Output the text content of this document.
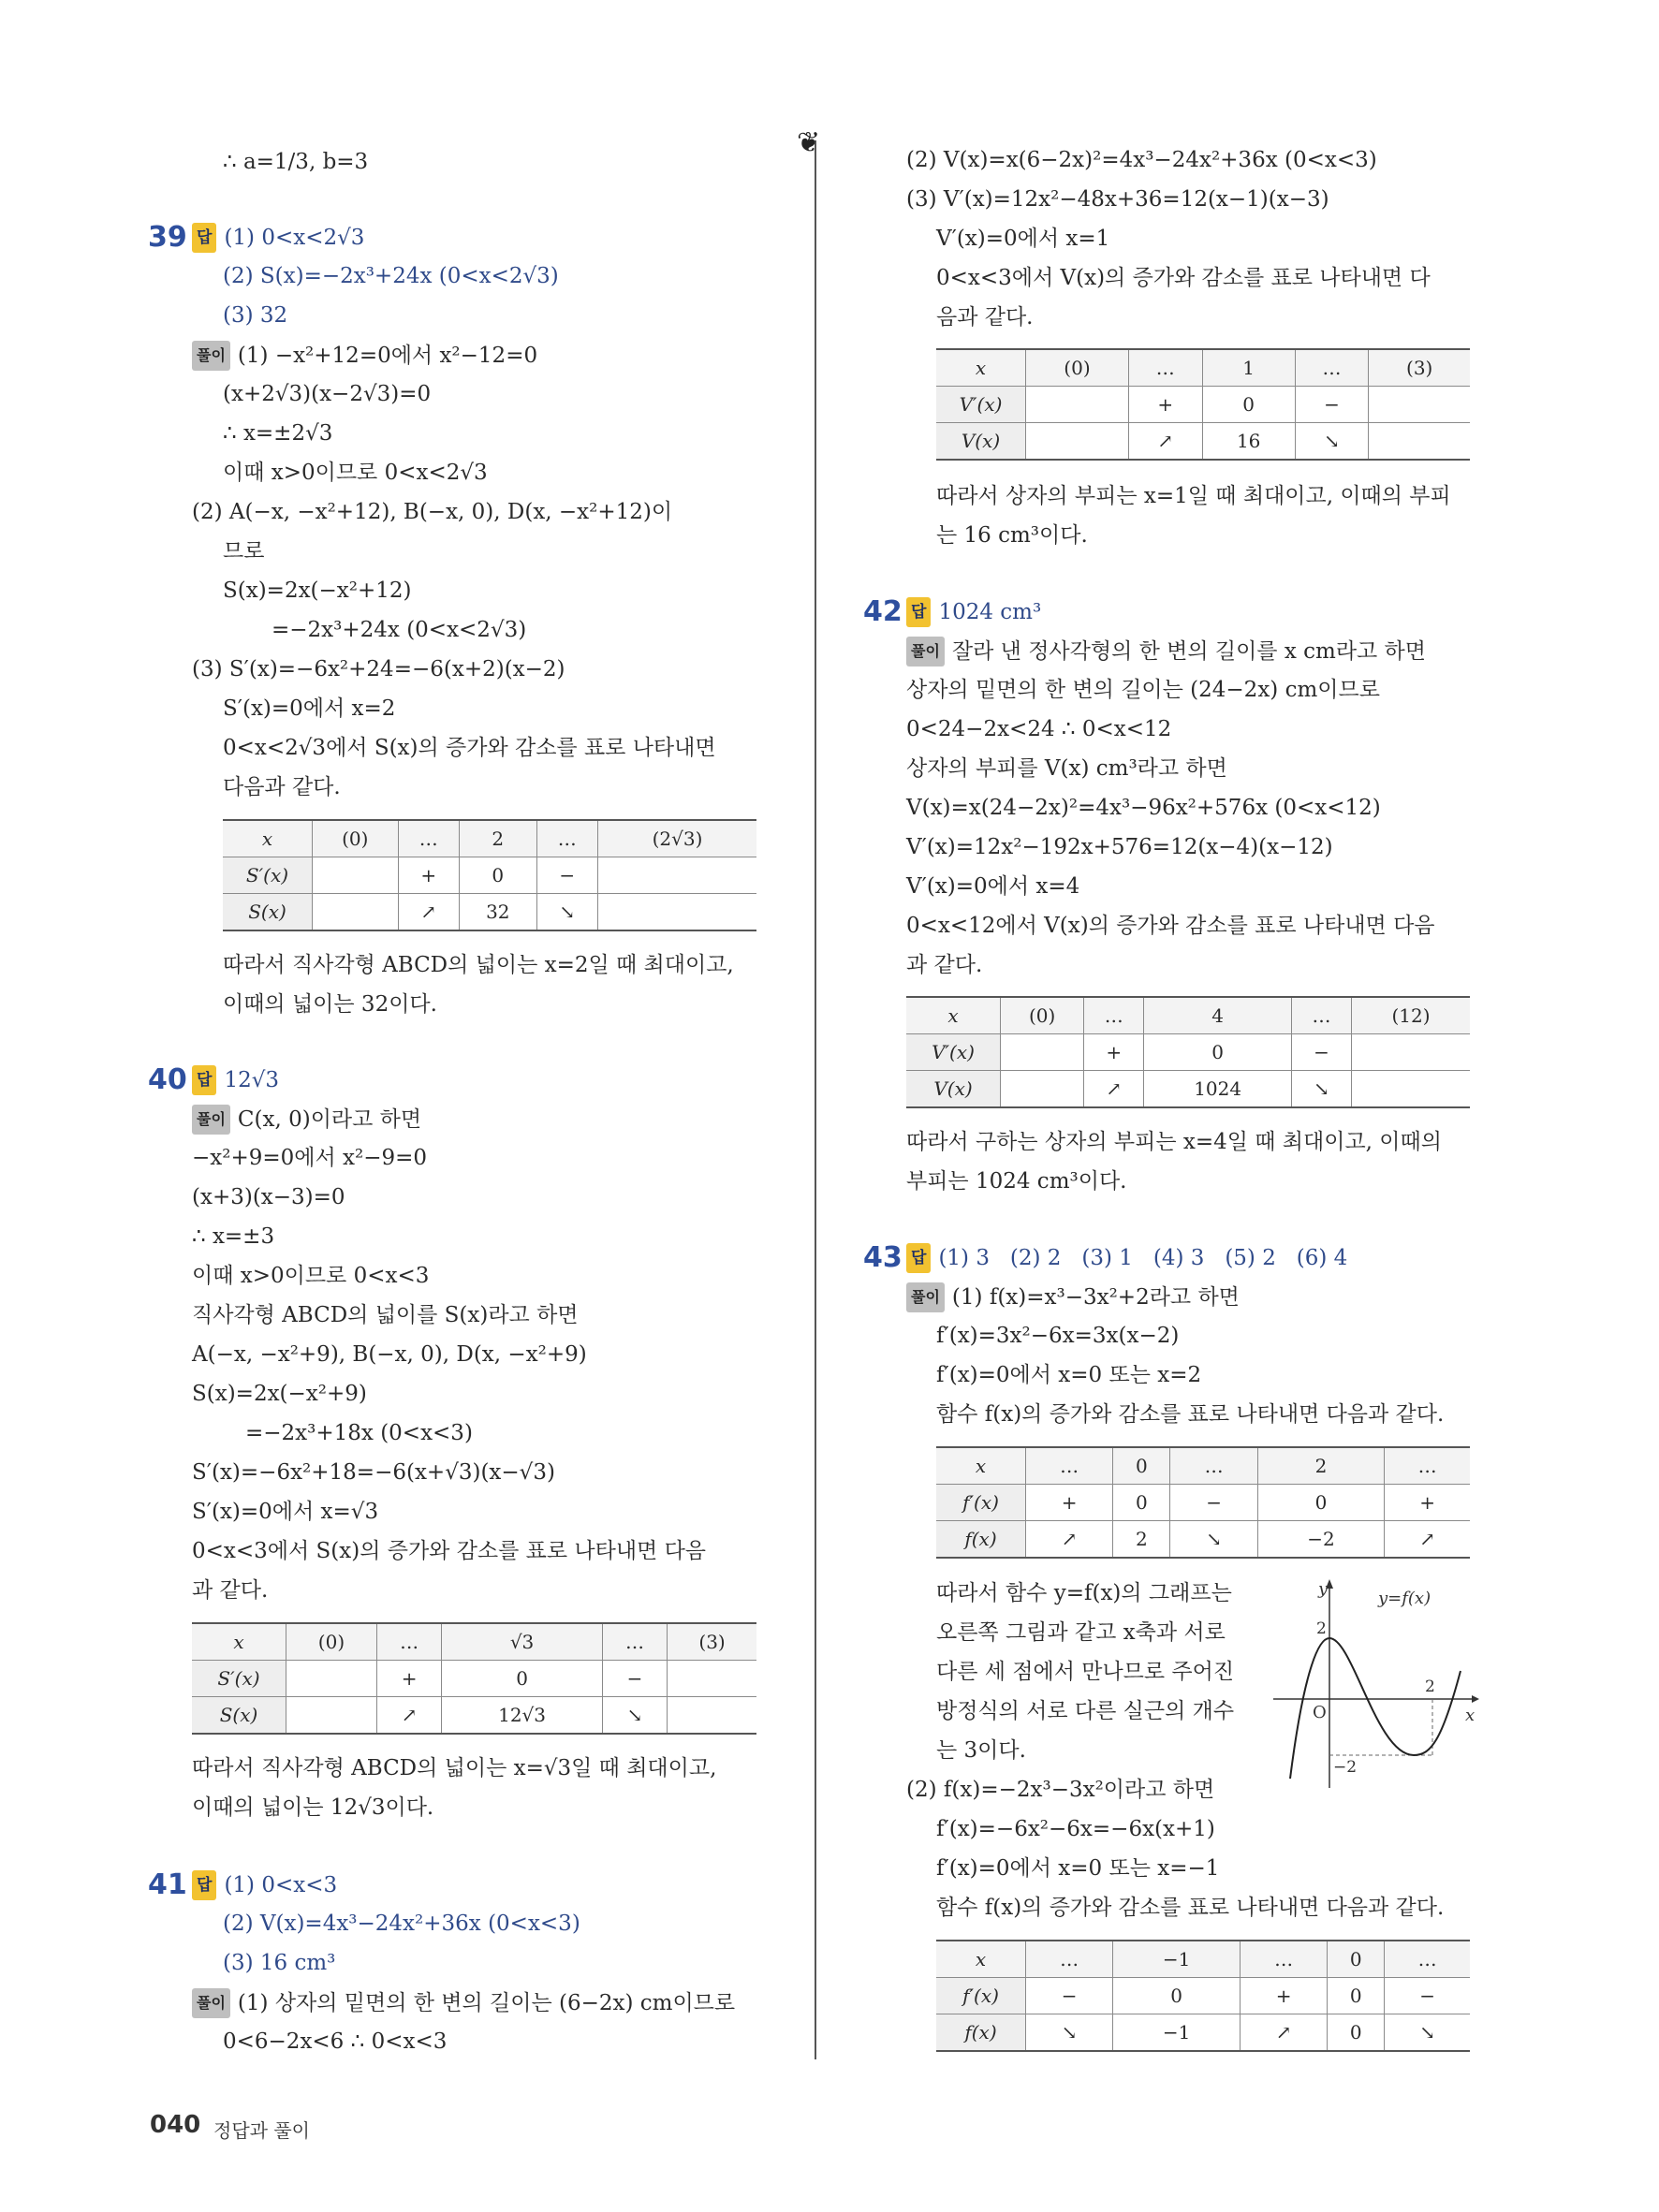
❦
∴ a=1/3, b=3
39 답 (1) 0<x<2√3
(2) S(x)=−2x³+24x (0<x<2√3)
(3) 32
풀이 (1) −x²+12=0에서 x²−12=0
(x+2√3)(x−2√3)=0
∴ x=±2√3
이때 x>0이므로 0<x<2√3
(2) A(−x, −x²+12), B(−x, 0), D(x, −x²+12)이
므로
S(x)=2x(−x²+12)
=−2x³+24x (0<x<2√3)
(3) S′(x)=−6x²+24=−6(x+2)(x−2)
S′(x)=0에서 x=2
0<x<2√3에서 S(x)의 증가와 감소를 표로 나타내면
다음과 같다.
x	(0)	…	2	…	(2√3)
S′(x)		+	0	−	
S(x)		↗	32	↘	
따라서 직사각형 ABCD의 넓이는 x=2일 때 최대이고,
이때의 넓이는 32이다.
40 답 12√3
풀이 C(x, 0)이라고 하면
−x²+9=0에서 x²−9=0
(x+3)(x−3)=0
∴ x=±3
이때 x>0이므로 0<x<3
직사각형 ABCD의 넓이를 S(x)라고 하면
A(−x, −x²+9), B(−x, 0), D(x, −x²+9)
S(x)=2x(−x²+9)
=−2x³+18x (0<x<3)
S′(x)=−6x²+18=−6(x+√3)(x−√3)
S′(x)=0에서 x=√3
0<x<3에서 S(x)의 증가와 감소를 표로 나타내면 다음
과 같다.
x	(0)	…	√3	…	(3)
S′(x)		+	0	−	
S(x)		↗	12√3	↘	
따라서 직사각형 ABCD의 넓이는 x=√3일 때 최대이고,
이때의 넓이는 12√3이다.
41 답 (1) 0<x<3
(2) V(x)=4x³−24x²+36x (0<x<3)
(3) 16 cm³
풀이 (1) 상자의 밑면의 한 변의 길이는 (6−2x) cm이므로
0<6−2x<6 ∴ 0<x<3
(2) V(x)=x(6−2x)²=4x³−24x²+36x (0<x<3)
(3) V′(x)=12x²−48x+36=12(x−1)(x−3)
V′(x)=0에서 x=1
0<x<3에서 V(x)의 증가와 감소를 표로 나타내면 다
음과 같다.
x	(0)	…	1	…	(3)
V′(x)		+	0	−	
V(x)		↗	16	↘	
따라서 상자의 부피는 x=1일 때 최대이고, 이때의 부피
는 16 cm³이다.
42 답 1024 cm³
풀이 잘라 낸 정사각형의 한 변의 길이를 x cm라고 하면
상자의 밑면의 한 변의 길이는 (24−2x) cm이므로
0<24−2x<24 ∴ 0<x<12
상자의 부피를 V(x) cm³라고 하면
V(x)=x(24−2x)²=4x³−96x²+576x (0<x<12)
V′(x)=12x²−192x+576=12(x−4)(x−12)
V′(x)=0에서 x=4
0<x<12에서 V(x)의 증가와 감소를 표로 나타내면 다음
과 같다.
x	(0)	…	4	…	(12)
V′(x)		+	0	−	
V(x)		↗	1024	↘	
따라서 구하는 상자의 부피는 x=4일 때 최대이고, 이때의
부피는 1024 cm³이다.
43 답 (1) 3 (2) 2 (3) 1 (4) 3 (5) 2 (6) 4
풀이 (1) f(x)=x³−3x²+2라고 하면
f′(x)=3x²−6x=3x(x−2)
f′(x)=0에서 x=0 또는 x=2
함수 f(x)의 증가와 감소를 표로 나타내면 다음과 같다.
x	…	0	…	2	…
f′(x)	+	0	−	0	+
f(x)	↗	2	↘	−2	↗
따라서 함수 y=f(x)의 그래프는
오른쪽 그림과 같고 x축과 서로
다른 세 점에서 만나므로 주어진
방정식의 서로 다른 실근의 개수
는 3이다.
y	y=f(x)
x
O
2
2
−2
(2) f(x)=−2x³−3x²이라고 하면
f′(x)=−6x²−6x=−6x(x+1)
f′(x)=0에서 x=0 또는 x=−1
함수 f(x)의 증가와 감소를 표로 나타내면 다음과 같다.
x	…	−1	…	0	…
f′(x)	−	0	+	0	−
f(x)	↘	−1	↗	0	↘
040 정답과 풀이
